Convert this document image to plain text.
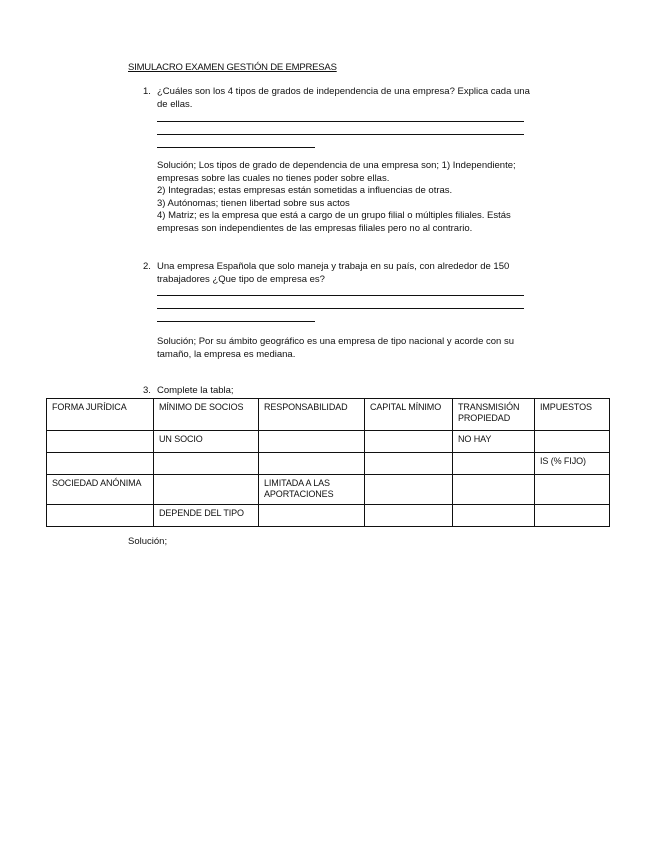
SIMULACRO EXAMEN GESTIÓN DE EMPRESAS
1. ¿Cuáles son los 4 tipos de grados de independencia de una empresa? Explica cada una
de ellas.
Solución; Los tipos de grado de dependencia de una empresa son; 1) Independiente;
empresas sobre las cuales no tienes poder sobre ellas.
2) Integradas; estas empresas están sometidas a influencias de otras.
3) Autónomas; tienen libertad sobre sus actos
4) Matriz; es la empresa que está a cargo de un grupo filial o múltiples filiales. Estás
empresas son independientes de las empresas filiales pero no al contrario.
2. Una empresa Española que solo maneja y trabaja en su país, con alrededor de 150
trabajadores ¿Que tipo de empresa es?
Solución; Por su ámbito geográfico es una empresa de tipo nacional y acorde con su
tamaño, la empresa es mediana.
3. Complete la tabla;
FORMA JURÍDICA	MÍNIMO DE SOCIOS	RESPONSABILIDAD	CAPITAL MÍNIMO	TRANSMISIÓN
PROPIEDAD	IMPUESTOS

	UN SOCIO			NO HAY	

					IS (% FIJO)

SOCIEDAD ANÓNIMA		LIMITADA A LAS
APORTACIONES			

	DEPENDE DEL TIPO				

Solución;
